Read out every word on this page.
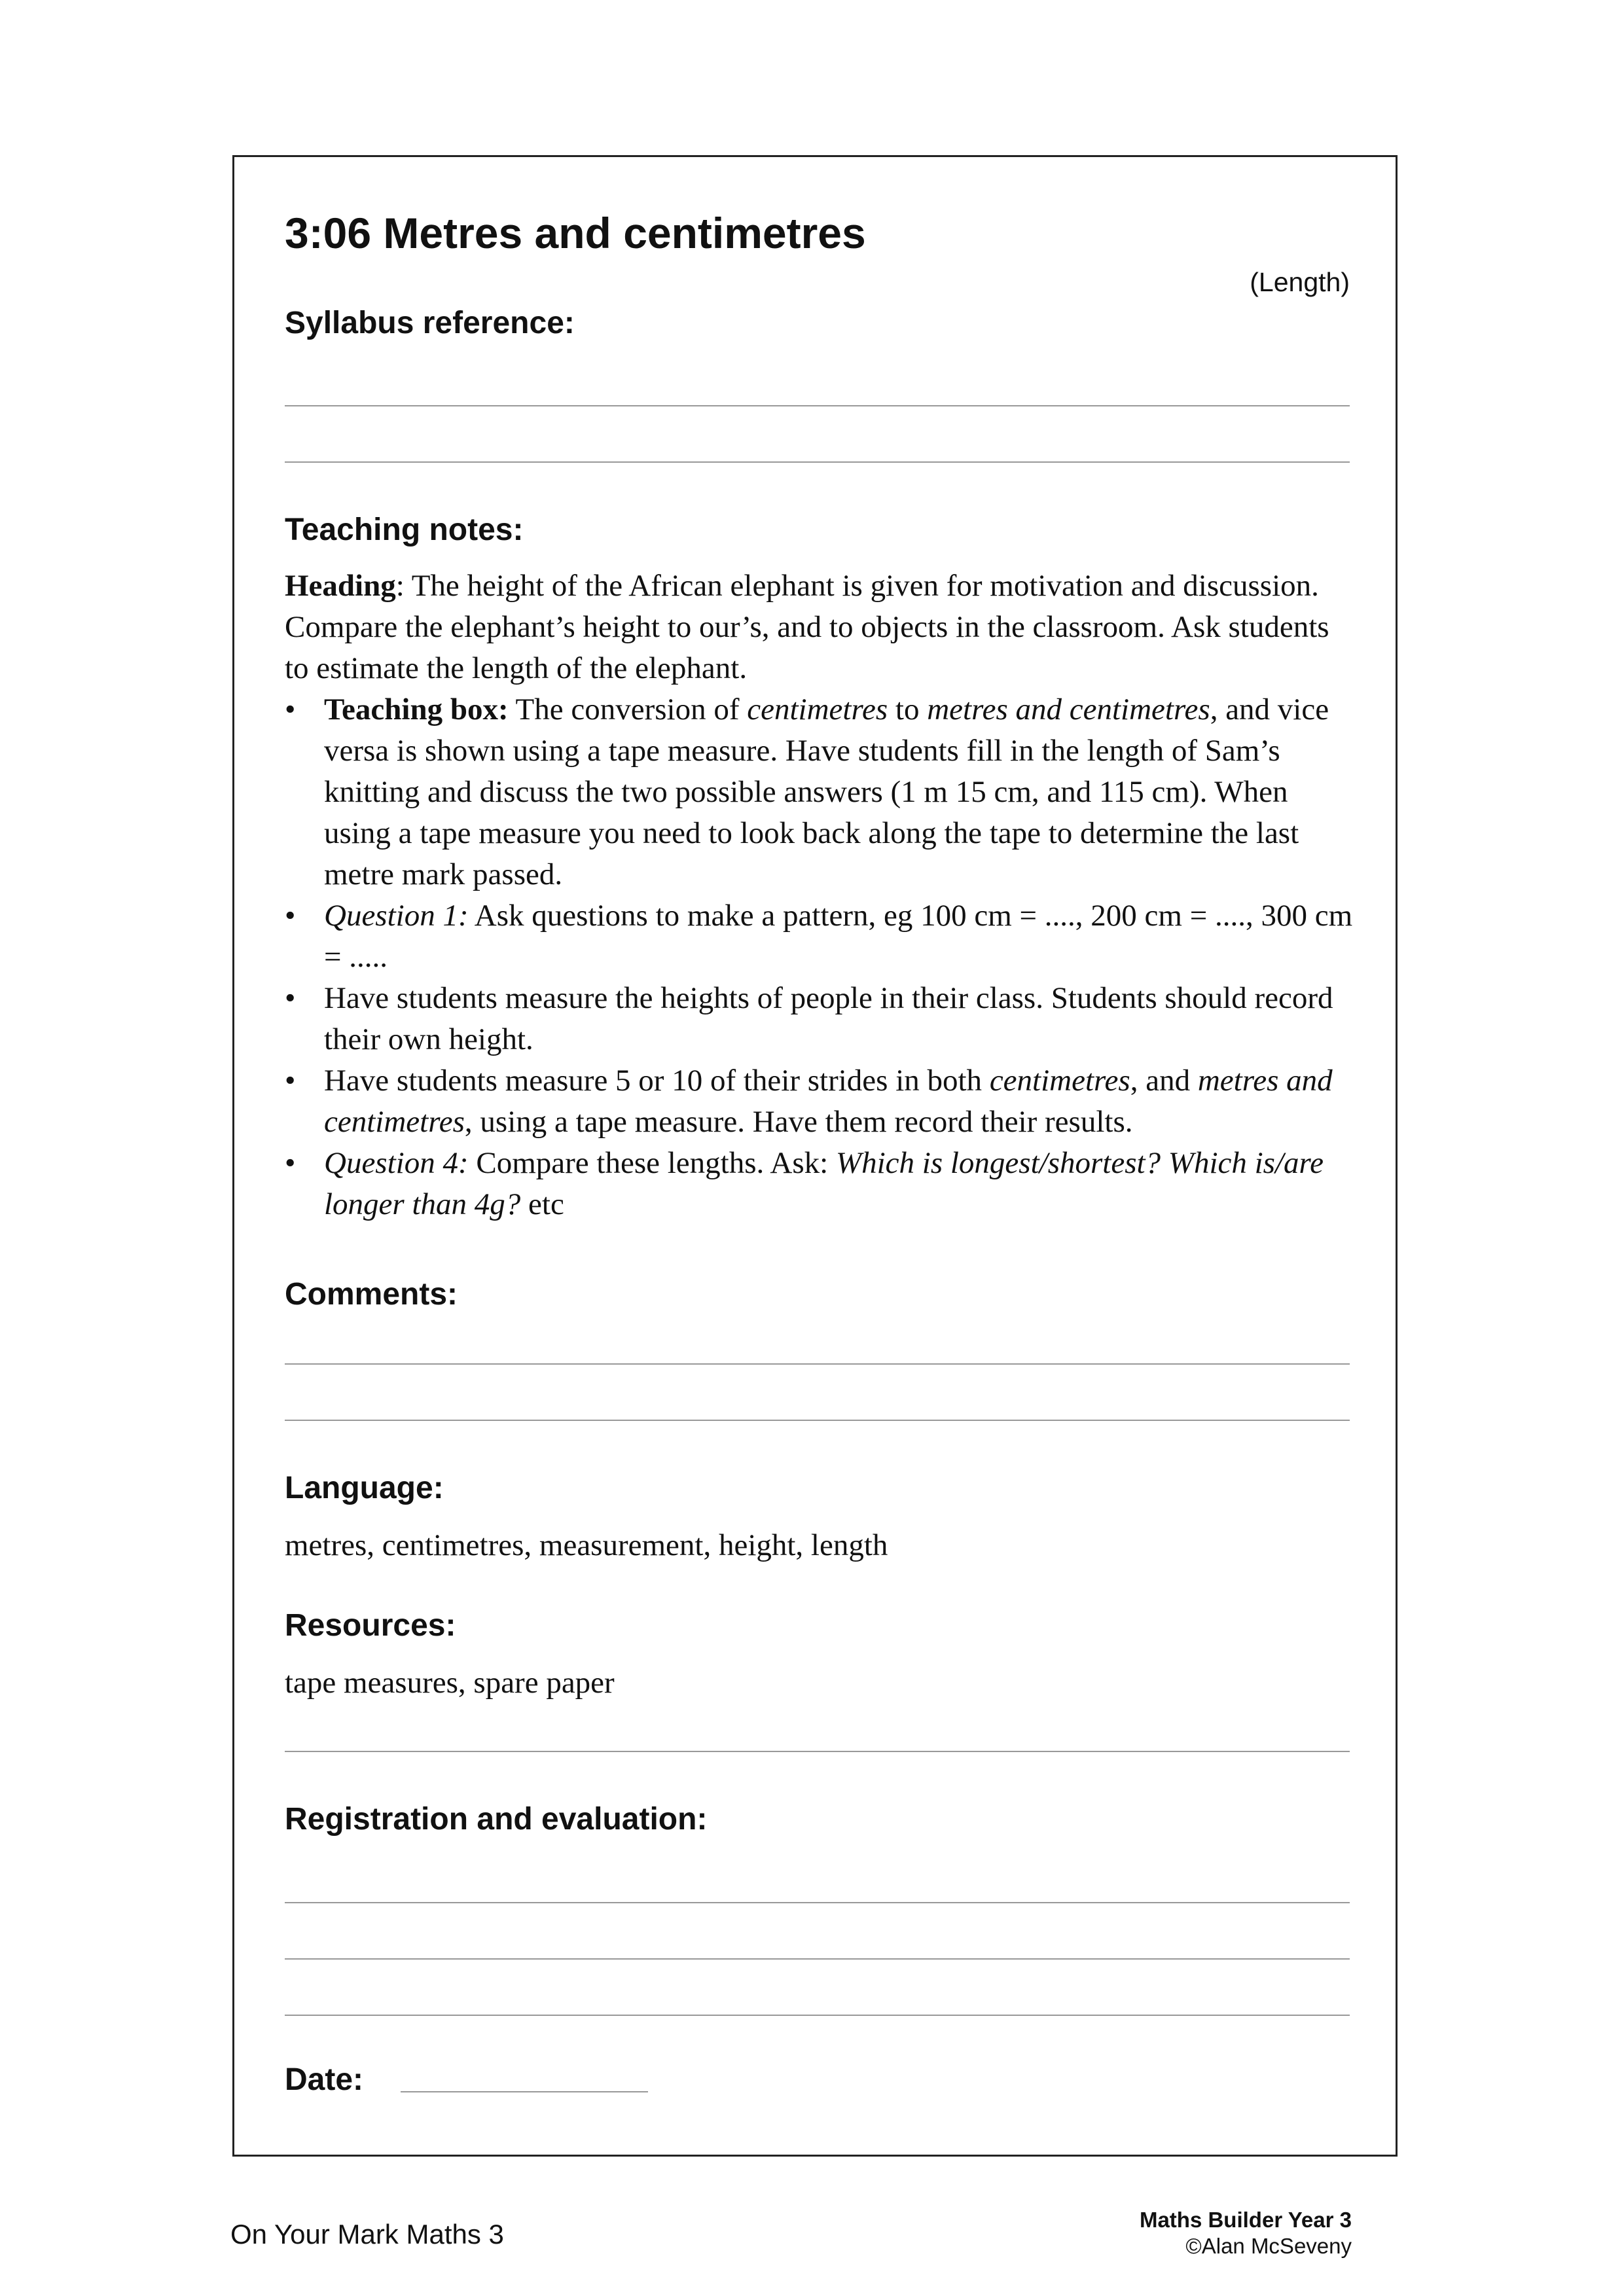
3:06 Metres and centimetres
(Length)
Syllabus reference:
Teaching notes:

Heading: The height of the African elephant is given for motivation and discussion. Compare the elephant’s height to our’s, and to objects in the classroom. Ask students to estimate the length of the elephant.

• Teaching box: The conversion of centimetres to metres and centimetres, and vice versa is shown using a tape measure. Have students fill in the length of Sam’s knitting and discuss the two possible answers (1 m 15 cm, and 115 cm). When using a tape measure you need to look back along the tape to determine the last metre mark passed.
• Question 1: Ask questions to make a pattern, eg 100 cm = ...., 200 cm = ...., 300 cm = .....
• Have students measure the heights of people in their class. Students should record their own height.
• Have students measure 5 or 10 of their strides in both centimetres, and metres and centimetres, using a tape measure. Have them record their results.
• Question 4: Compare these lengths. Ask: Which is longest/shortest? Which is/are longer than 4g? etc
Comments:
Language:
metres, centimetres, measurement, height, length
Resources:
tape measures, spare paper
Registration and evaluation:
Date:
On Your Mark Maths 3	Maths Builder Year 3
©Alan McSeveny
